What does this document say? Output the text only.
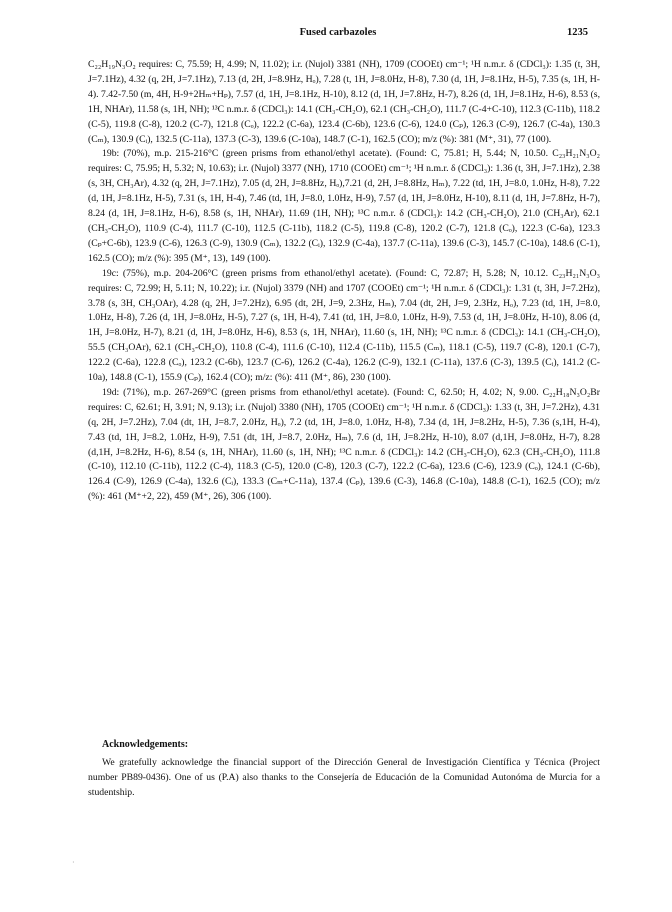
Fused carbazoles	1235

C₂₂H₁₉N₃O₂ requires: C, 75.59; H, 4.99; N, 11.02); i.r. (Nujol) 3381 (NH), 1709 (COOEt) cm⁻¹; ¹H n.m.r. δ (CDCl₃): 1.35 (t, 3H, J=7.1Hz), 4.32 (q, 2H, J=7.1Hz), 7.13 (d, 2H, J=8.9Hz, Hₒ), 7.28 (t, 1H, J=8.0Hz, H-8), 7.30 (d, 1H, J=8.1Hz, H-5), 7.35 (s, 1H, H-4). 7.42-7.50 (m, 4H, H-9+2Hₘ+Hₚ), 7.57 (d, 1H, J=8.1Hz, H-10), 8.12 (d, 1H, J=7.8Hz, H-7), 8.26 (d, 1H, J=8.1Hz, H-6), 8.53 (s, 1H, NHAr), 11.58 (s, 1H, NH); ¹³C n.m.r. δ (CDCl₃): 14.1 (CH₃-CH₂O), 62.1 (CH₃-CH₂O), 111.7 (C-4+C-10), 112.3 (C-11b), 118.2 (C-5), 119.8 (C-8), 120.2 (C-7), 121.8 (Cₒ), 122.2 (C-6a), 123.4 (C-6b), 123.6 (C-6), 124.0 (Cₚ), 126.3 (C-9), 126.7 (C-4a), 130.3 (Cₘ), 130.9 (Cᵢ), 132.5 (C-11a), 137.3 (C-3), 139.6 (C-10a), 148.7 (C-1), 162.5 (CO); m/z (%): 381 (M⁺, 31), 77 (100).

19b: (70%), m.p. 215-216°C (green prisms from ethanol/ethyl acetate). (Found: C, 75.81; H, 5.44; N, 10.50. C₂₃H₂₁N₃O₂ requires: C, 75.95; H, 5.32; N, 10.63); i.r. (Nujol) 3377 (NH), 1710 (COOEt) cm⁻¹; ¹H n.m.r. δ (CDCl₃): 1.36 (t, 3H, J=7.1Hz), 2.38 (s, 3H, CH₃Ar), 4.32 (q, 2H, J=7.1Hz), 7.05 (d, 2H, J=8.8Hz, Hₒ),7.21 (d, 2H, J=8.8Hz, Hₘ), 7.22 (td, 1H, J=8.0, 1.0Hz, H-8), 7.22 (d, 1H, J=8.1Hz, H-5), 7.31 (s, 1H, H-4), 7.46 (td, 1H, J=8.0, 1.0Hz, H-9), 7.57 (d, 1H, J=8.0Hz, H-10), 8.11 (d, 1H, J=7.8Hz, H-7), 8.24 (d, 1H, J=8.1Hz, H-6), 8.58 (s, 1H, NHAr), 11.69 (1H, NH); ¹³C n.m.r. δ (CDCl₃): 14.2 (CH₃-CH₂O), 21.0 (CH₃Ar), 62.1 (CH₃-CH₂O), 110.9 (C-4), 111.7 (C-10), 112.5 (C-11b), 118.2 (C-5), 119.8 (C-8), 120.2 (C-7), 121.8 (Cₒ), 122.3 (C-6a), 123.3 (Cₚ+C-6b), 123.9 (C-6), 126.3 (C-9), 130.9 (Cₘ), 132.2 (Cᵢ), 132.9 (C-4a), 137.7 (C-11a), 139.6 (C-3), 145.7 (C-10a), 148.6 (C-1), 162.5 (CO); m/z (%): 395 (M⁺, 13), 149 (100).

19c: (75%), m.p. 204-206°C (green prisms from ethanol/ethyl acetate). (Found: C, 72.87; H, 5.28; N, 10.12. C₂₃H₂₁N₃O₃ requires: C, 72.99; H, 5.11; N, 10.22); i.r. (Nujol) 3379 (NH) and 1707 (COOEt) cm⁻¹; ¹H n.m.r. δ (CDCl₃): 1.31 (t, 3H, J=7.2Hz), 3.78 (s, 3H, CH₃OAr), 4.28 (q, 2H, J=7.2Hz), 6.95 (dt, 2H, J=9, 2.3Hz, Hₘ), 7.04 (dt, 2H, J=9, 2.3Hz, Hₒ), 7.23 (td, 1H, J=8.0, 1.0Hz, H-8), 7.26 (d, 1H, J=8.0Hz, H-5), 7.27 (s, 1H, H-4), 7.41 (td, 1H, J=8.0, 1.0Hz, H-9), 7.53 (d, 1H, J=8.0Hz, H-10), 8.06 (d, 1H, J=8.0Hz, H-7), 8.21 (d, 1H, J=8.0Hz, H-6), 8.53 (s, 1H, NHAr), 11.60 (s, 1H, NH); ¹³C n.m.r. δ (CDCl₃): 14.1 (CH₃-CH₂O), 55.5 (CH₃OAr), 62.1 (CH₃-CH₂O), 110.8 (C-4), 111.6 (C-10), 112.4 (C-11b), 115.5 (Cₘ), 118.1 (C-5), 119.7 (C-8), 120.1 (C-7), 122.2 (C-6a), 122.8 (Cₒ), 123.2 (C-6b), 123.7 (C-6), 126.2 (C-4a), 126.2 (C-9), 132.1 (C-11a), 137.6 (C-3), 139.5 (Cᵢ), 141.2 (C-10a), 148.8 (C-1), 155.9 (Cₚ), 162.4 (CO); m/z: (%): 411 (M⁺, 86), 230 (100).

19d: (71%), m.p. 267-269°C (green prisms from ethanol/ethyl acetate). (Found: C, 62.50; H, 4.02; N, 9.00. C₂₂H₁₈N₃O₂Br requires: C, 62.61; H, 3.91; N, 9.13); i.r. (Nujol) 3380 (NH), 1705 (COOEt) cm⁻¹; ¹H n.m.r. δ (CDCl₃): 1.33 (t, 3H, J=7.2Hz), 4.31 (q, 2H, J=7.2Hz), 7.04 (dt, 1H, J=8.7, 2.0Hz, Hₒ), 7.2 (td, 1H, J=8.0, 1.0Hz, H-8), 7.34 (d, 1H, J=8.2Hz, H-5), 7.36 (s,1H, H-4), 7.43 (td, 1H, J=8.2, 1.0Hz, H-9), 7.51 (dt, 1H, J=8.7, 2.0Hz, Hₘ), 7.6 (d, 1H, J=8.2Hz, H-10), 8.07 (d,1H, J=8.0Hz, H-7), 8.28 (d,1H, J=8.2Hz, H-6), 8.54 (s, 1H, NHAr), 11.60 (s, 1H, NH); ¹³C n.m.r. δ (CDCl₃): 14.2 (CH₃-CH₂O), 62.3 (CH₃-CH₂O), 111.8 (C-10), 112.10 (C-11b), 112.2 (C-4), 118.3 (C-5), 120.0 (C-8), 120.3 (C-7), 122.2 (C-6a), 123.6 (C-6), 123.9 (Cₒ), 124.1 (C-6b), 126.4 (C-9), 126.9 (C-4a), 132.6 (Cᵢ), 133.3 (Cₘ+C-11a), 137.4 (Cₚ), 139.6 (C-3), 146.8 (C-10a), 148.8 (C-1), 162.5 (CO); m/z (%): 461 (M⁺+2, 22), 459 (M⁺, 26), 306 (100).

Acknowledgements:

We gratefully acknowledge the financial support of the Dirección General de Investigación Científica y Técnica (Project number PB89-0436). One of us (P.A) also thanks to the Consejería de Educación de la Comunidad Autonóma de Murcia for a studentship.

·
